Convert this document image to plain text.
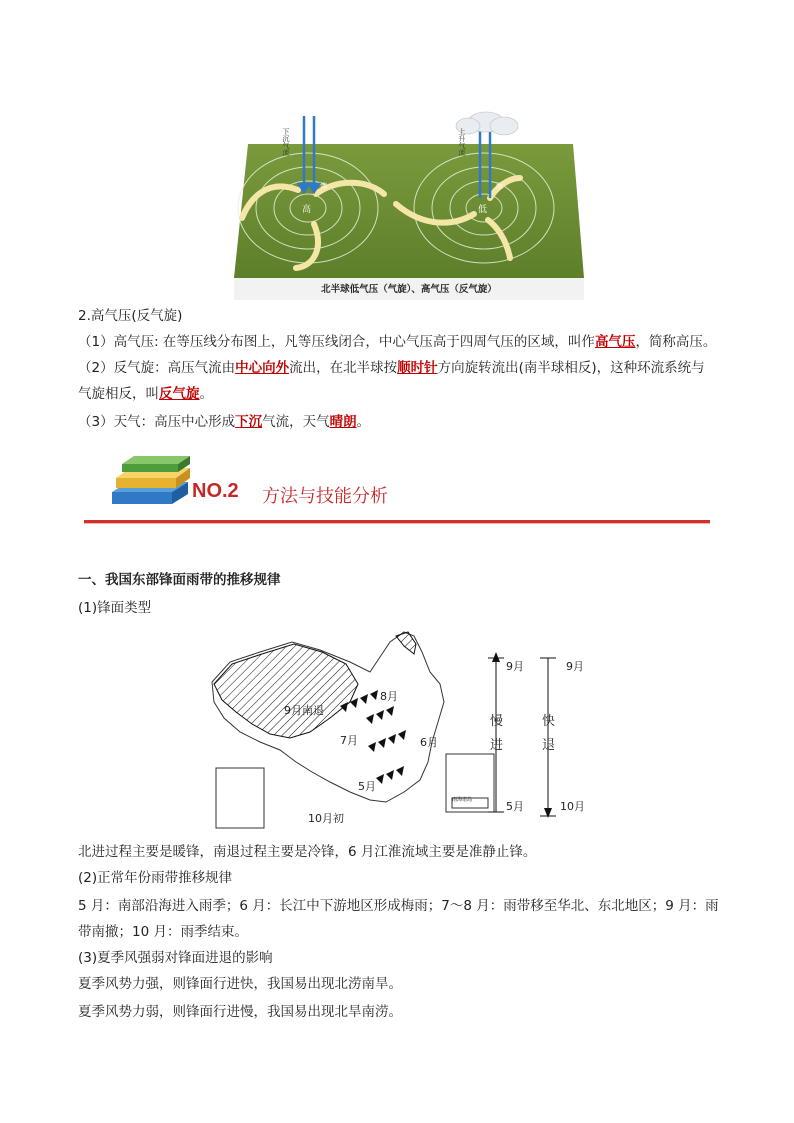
高	低
沸	雨
下沉气流	上升气流
北半球低气压（气旋）、高气压（反气旋）
2.高气压(反气旋)
（1）高气压: 在等压线分布图上，凡等压线闭合，中心气压高于四周气压的区域，叫作高气压，简称高压。
（2）反气旋：高压气流由中心向外流出，在北半球按顺时针方向旋转流出(南半球相反)，这种环流系统与
气旋相反，叫反气旋。
（3）天气：高压中心形成下沉气流，天气晴朗。
NO.2 方法与技能分析
一、我国东部锋面雨带的推移规律
(1)锋面类型
8月
7月	6月
5月
10月初
9月南退
南海诸岛
9月
5月
慢
进
9月
10月
快
退
北进过程主要是暖锋，南退过程主要是冷锋，6 月江淮流域主要是准静止锋。
(2)正常年份雨带推移规律
5 月：南部沿海进入雨季；6 月：长江中下游地区形成梅雨；7～8 月：雨带移至华北、东北地区；9 月：雨
带南撤；10 月：雨季结束。
(3)夏季风强弱对锋面进退的影响
夏季风势力强，则锋面行进快，我国易出现北涝南旱。
夏季风势力弱，则锋面行进慢，我国易出现北旱南涝。
